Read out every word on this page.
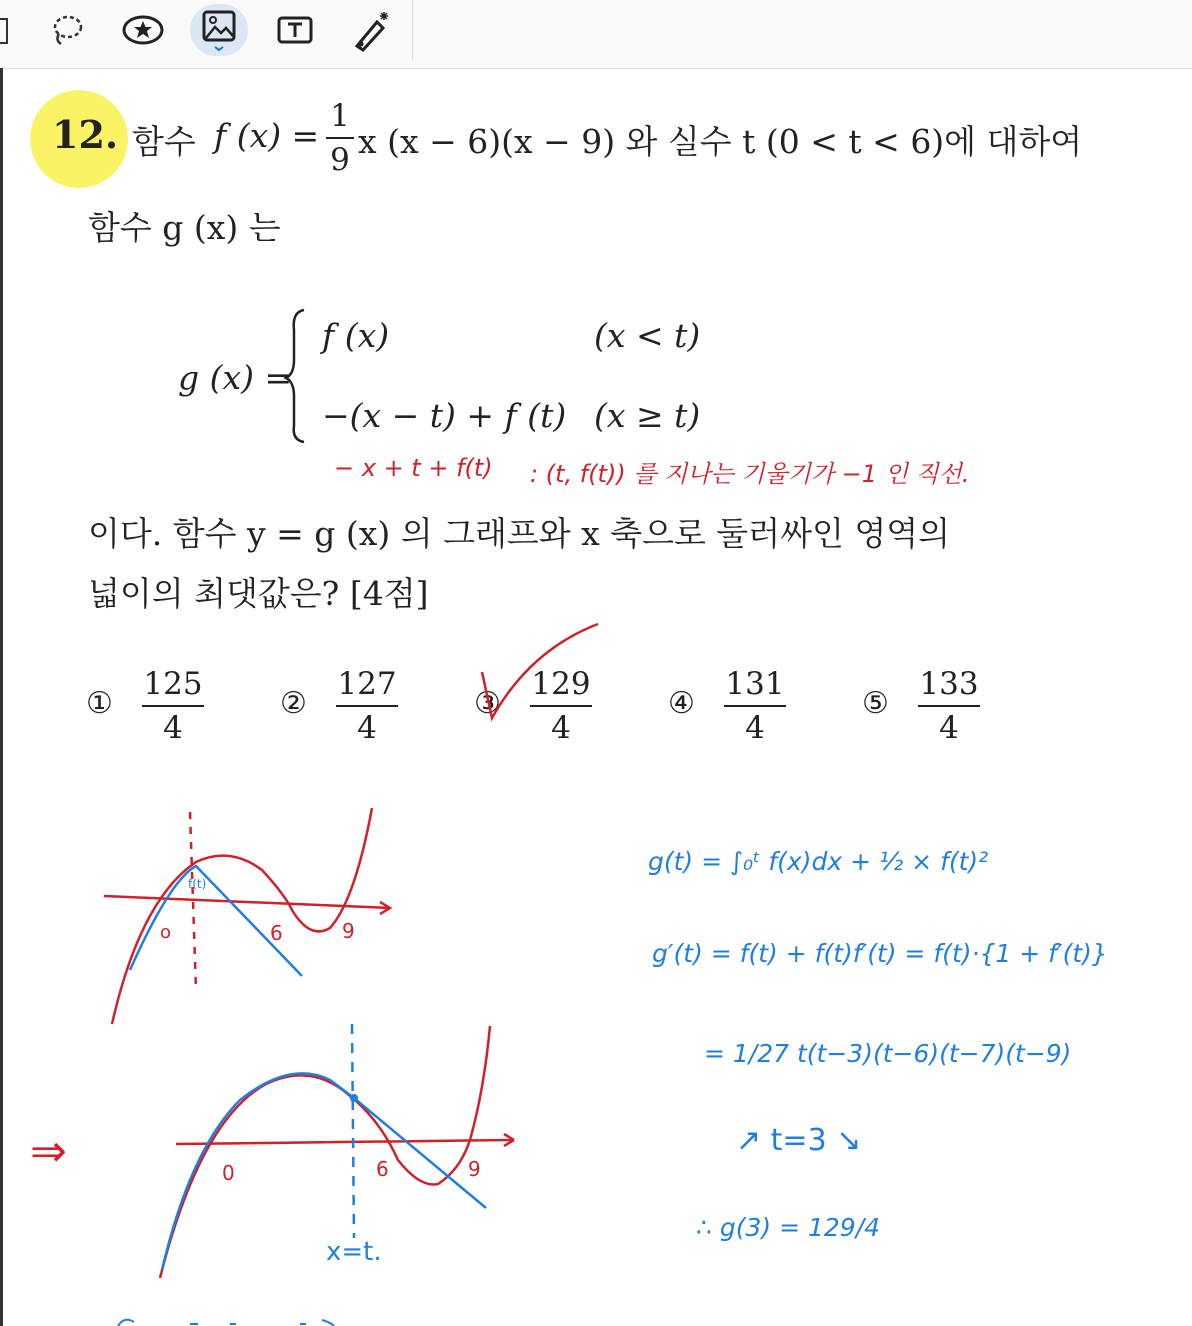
12. 함수 f (x) = 1
9 x (x − 6)(x − 9) 와 실수 t (0 < t < 6)에 대하여
함수 g (x) 는
g (x) =
f (x)	(x < t)
−(x − t) + f (t) (x ≥ t)
− x + t + f(t) : (t, f(t)) 를 지나는 기울기가 −1 인 직선.
이다. 함수 y = g (x) 의 그래프와 x 축으로 둘러싸인 영역의
넓이의 최댓값은? [4점]
①
125
4
②
127
4
③
129
4
④
131
4
⑤
133
4
o	6	9
f(t)
⇒	0	6	9
x=t.
g(t) = ∫₀ᵗ f(x)dx + ½ × f(t)²
g′(t) = f(t) + f(t)f′(t) = f(t)·{1 + f′(t)}
= 1/27 t(t−3)(t−6)(t−7)(t−9)
↗ t=3 ↘
∴ g(3) = 129/4
